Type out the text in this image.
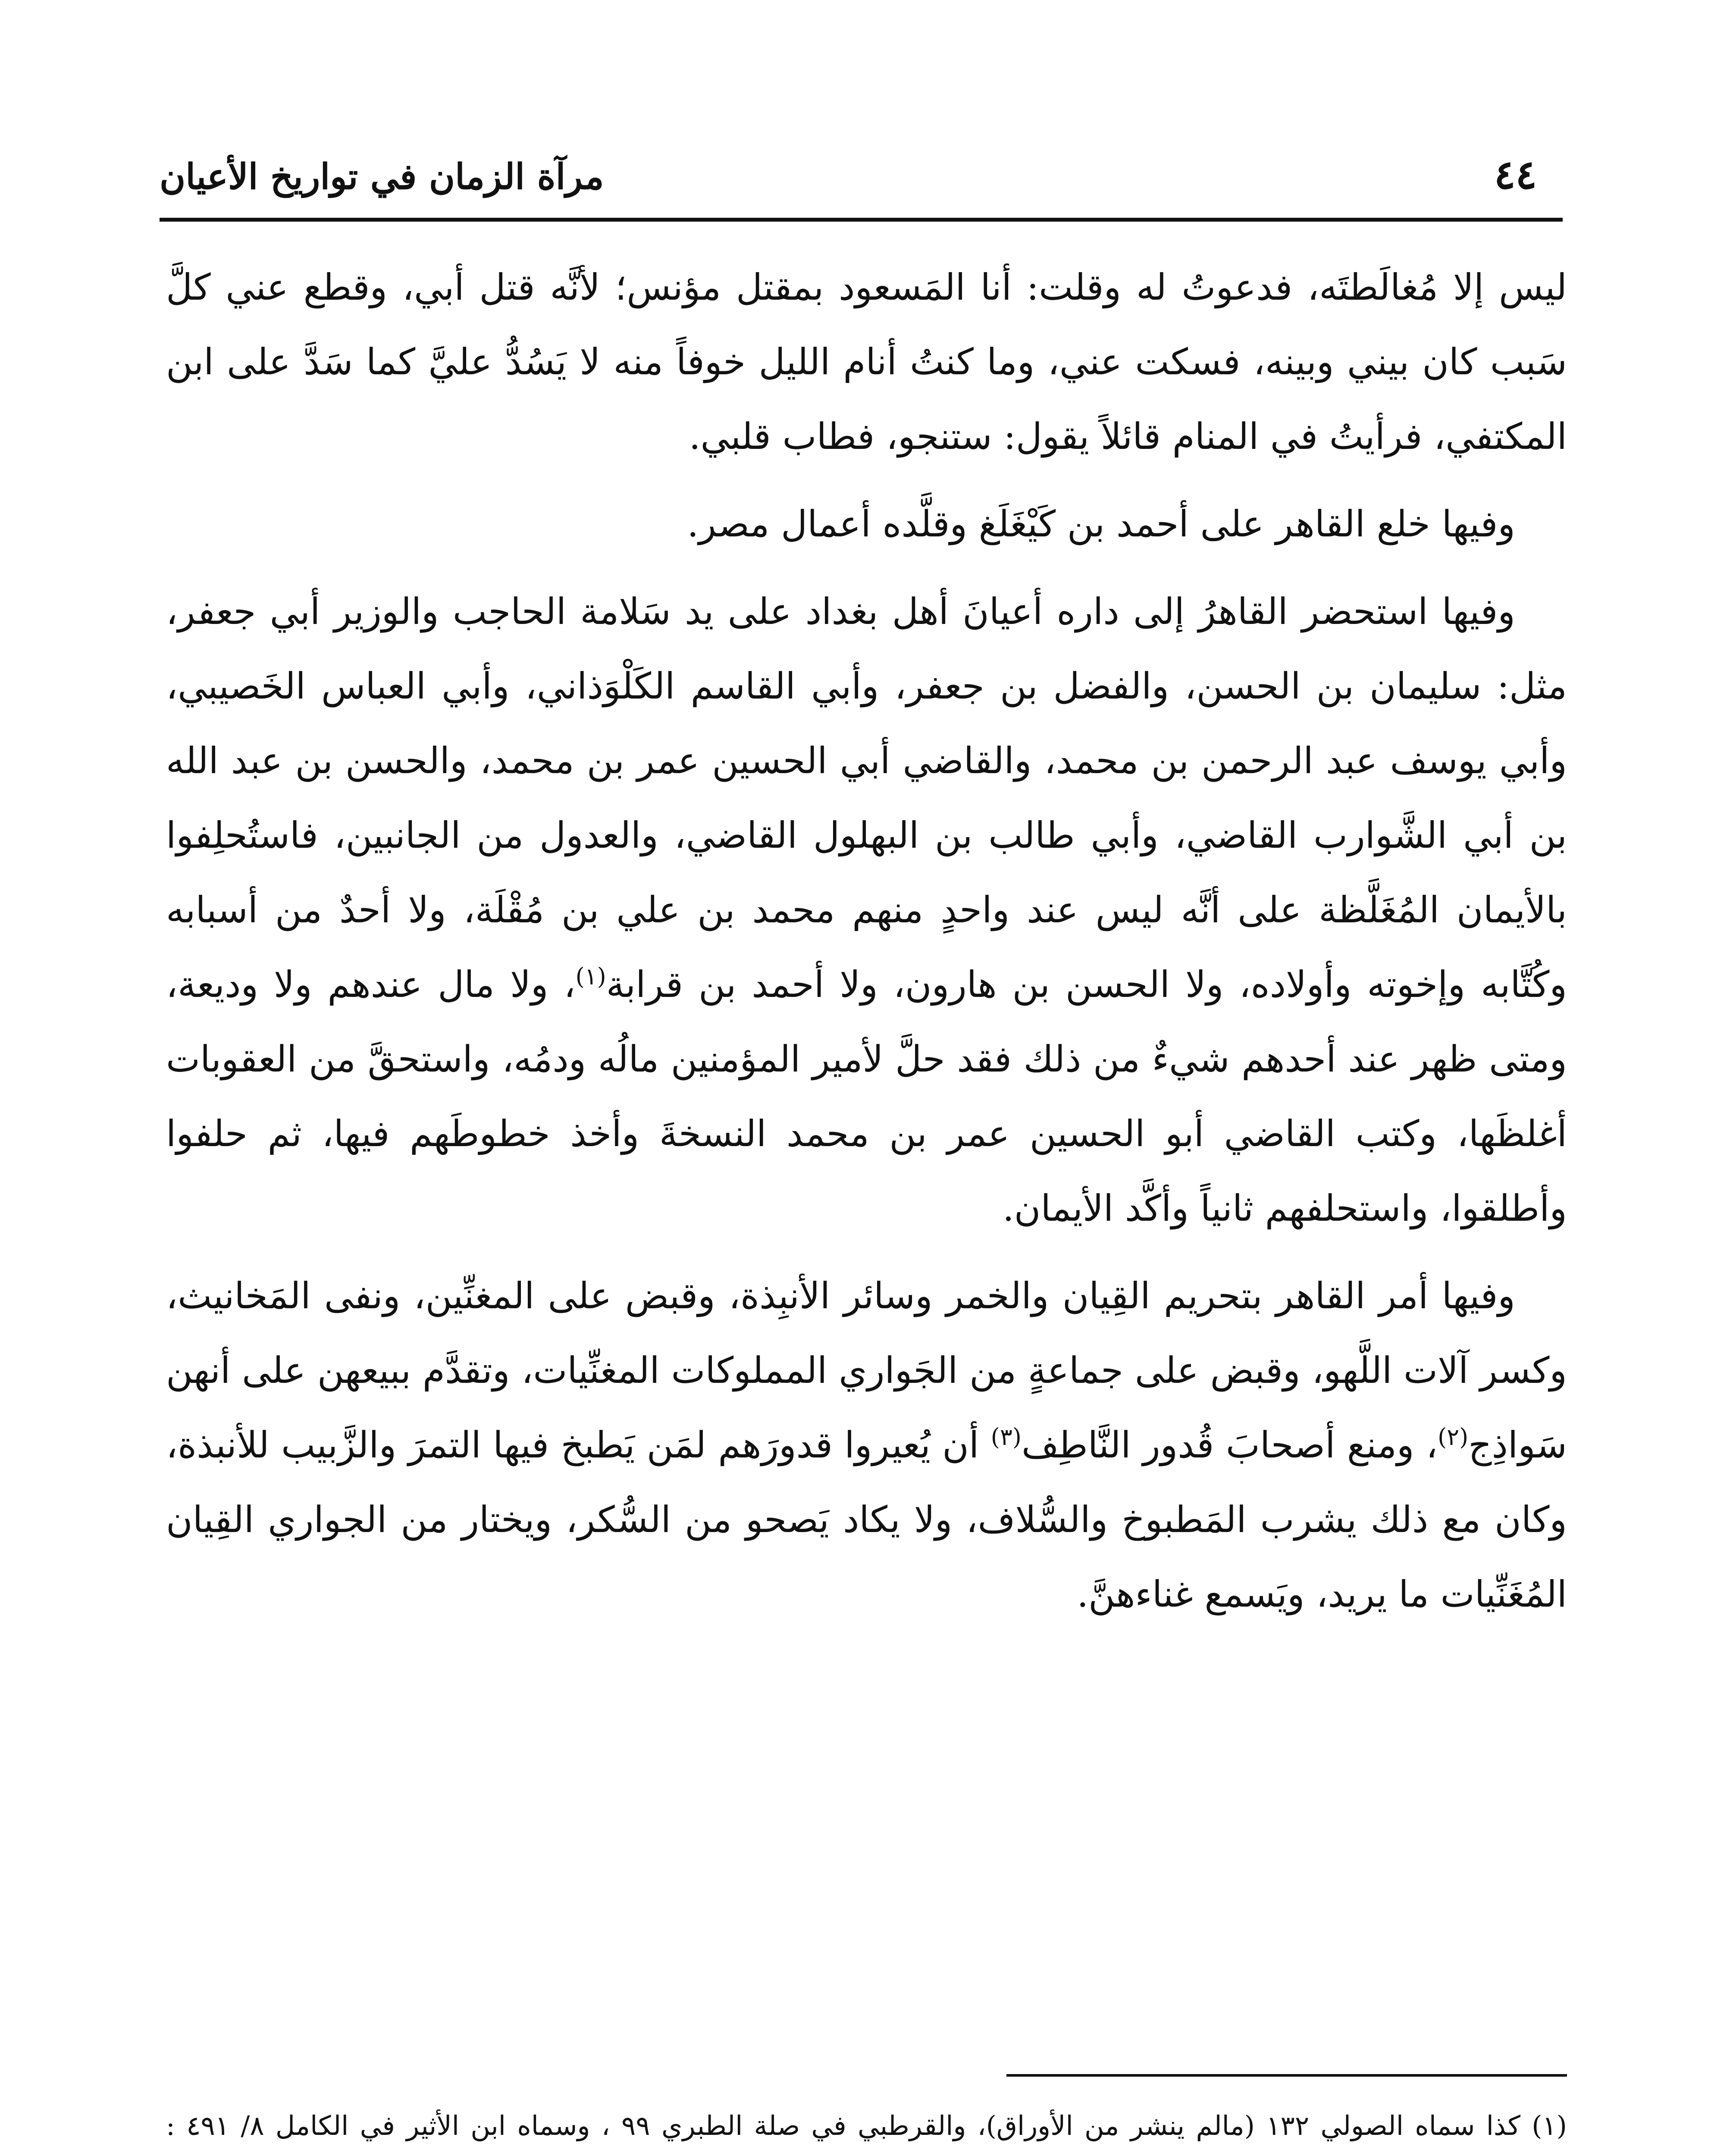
٤٤
مرآة الزمان في تواريخ الأعيان

ليس إلا مُغالَطتَه، فدعوتُ له وقلت: أنا المَسعود بمقتل مؤنس؛ لأنَّه قتل أبي، وقطع عني كلَّ سَبب كان بيني وبينه، فسكت عني، وما كنتُ أنام الليل خوفاً منه لا يَسُدُّ عليَّ كما سَدَّ على ابن المكتفي، فرأيتُ في المنام قائلاً يقول: ستنجو، فطاب قلبي.

وفيها خلع القاهر على أحمد بن كَيْغَلَغ وقلَّده أعمال مصر.

وفيها استحضر القاهرُ إلى داره أعيانَ أهل بغداد على يد سَلامة الحاجب والوزير أبي جعفر، مثل: سليمان بن الحسن، والفضل بن جعفر، وأبي القاسم الكَلْوَذاني، وأبي العباس الخَصيبي، وأبي يوسف عبد الرحمن بن محمد، والقاضي أبي الحسين عمر بن محمد، والحسن بن عبد الله بن أبي الشَّوارب القاضي، وأبي طالب بن البهلول القاضي، والعدول من الجانبين، فاستُحلِفوا بالأيمان المُغَلَّظة على أنَّه ليس عند واحدٍ منهم محمد بن علي بن مُقْلَة، ولا أحدٌ من أسبابه وكُتَّابه وإخوته وأولاده، ولا الحسن بن هارون، ولا أحمد بن قرابة$^{(١)}$، ولا مال عندهم ولا وديعة، ومتى ظهر عند أحدهم شيءٌ من ذلك فقد حلَّ لأمير المؤمنين مالُه ودمُه، واستحقَّ من العقوبات أغلظَها، وكتب القاضي أبو الحسين عمر بن محمد النسخةَ وأخذ خطوطَهم فيها، ثم حلفوا وأطلقوا، واستحلفهم ثانياً وأكَّد الأيمان.

وفيها أمر القاهر بتحريم القِيان والخمر وسائر الأنبِذة، وقبض على المغنِّين، ونفى المَخانيث، وكسر آلات اللَّهو، وقبض على جماعةٍ من الجَواري المملوكات المغنِّيات، وتقدَّم ببيعهن على أنهن سَواذِج$^{(٢)}$، ومنع أصحابَ قُدور النَّاطِف$^{(٣)}$ أن يُعيروا قدورَهم لمَن يَطبخ فيها التمرَ والزَّبيب للأنبذة، وكان مع ذلك يشرب المَطبوخ والسُّلاف، ولا يكاد يَصحو من السُّكر، ويختار من الجواري القِيان المُغَنِّيات ما يريد، ويَسمع غناءهنَّ.

(١) كذا سماه الصولي ١٣٢ (مالم ينشر من الأوراق)، والقرطبي في صلة الطبري ٩٩ ، وسماه ابن الأثير في الكامل ٨/ ٤٩١ :
